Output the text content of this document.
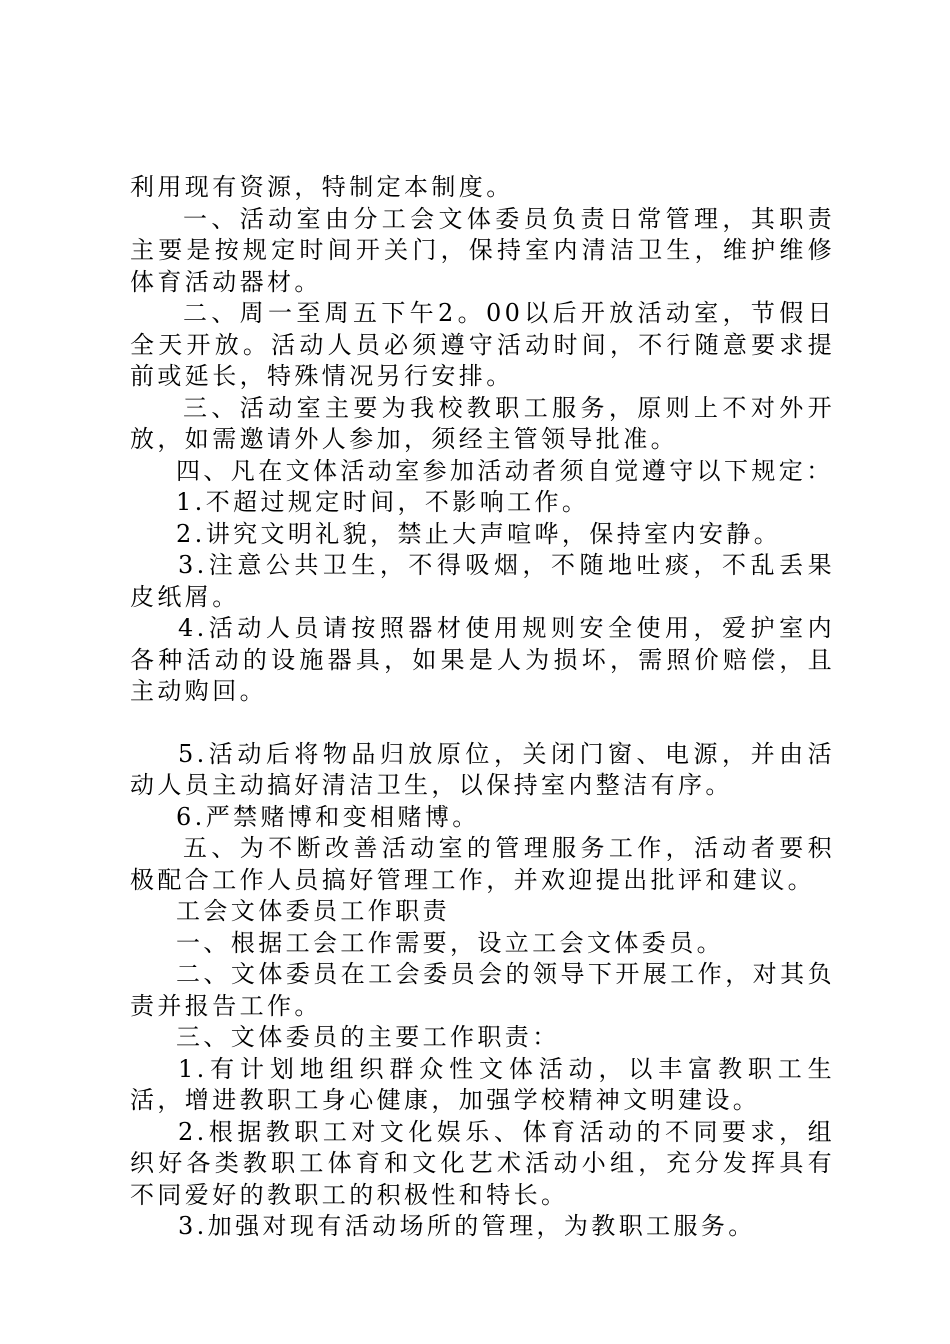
利用现有资源，特制定本制度。

一、活动室由分工会文体委员负责日常管理，其职责主要是按规定时间开关门，保持室内清洁卫生，维护维修体育活动器材。

二、周一至周五下午2。00以后开放活动室，节假日全天开放。活动人员必须遵守活动时间，不行随意要求提前或延长，特殊情况另行安排。

三、活动室主要为我校教职工服务，原则上不对外开放，如需邀请外人参加，须经主管领导批准。

四、凡在文体活动室参加活动者须自觉遵守以下规定：

1.不超过规定时间，不影响工作。

2.讲究文明礼貌，禁止大声喧哗，保持室内安静。

3.注意公共卫生，不得吸烟，不随地吐痰，不乱丢果皮纸屑。

4.活动人员请按照器材使用规则安全使用，爱护室内各种活动的设施器具，如果是人为损坏，需照价赔偿，且主动购回。

5.活动后将物品归放原位，关闭门窗、电源，并由活动人员主动搞好清洁卫生，以保持室内整洁有序。

6.严禁赌博和变相赌博。

五、为不断改善活动室的管理服务工作，活动者要积极配合工作人员搞好管理工作，并欢迎提出批评和建议。

工会文体委员工作职责

一、根据工会工作需要，设立工会文体委员。

二、文体委员在工会委员会的领导下开展工作，对其负责并报告工作。

三、文体委员的主要工作职责：

1.有计划地组织群众性文体活动，以丰富教职工生活，增进教职工身心健康，加强学校精神文明建设。

2.根据教职工对文化娱乐、体育活动的不同要求，组织好各类教职工体育和文化艺术活动小组，充分发挥具有不同爱好的教职工的积极性和特长。

3.加强对现有活动场所的管理，为教职工服务。
